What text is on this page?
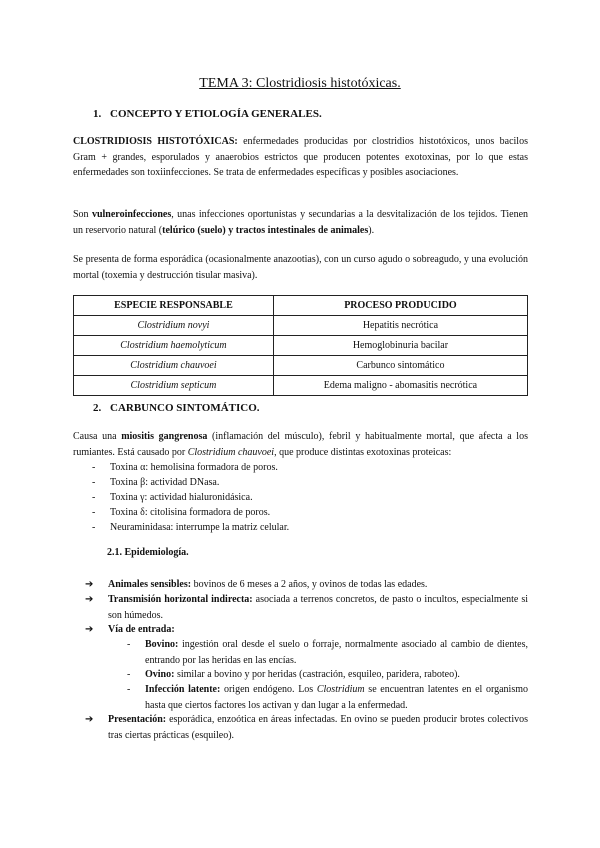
TEMA 3: Clostridiosis histotóxicas.
1. CONCEPTO Y ETIOLOGÍA GENERALES.
CLOSTRIDIOSIS HISTOTÓXICAS: enfermedades producidas por clostridios histotóxicos, unos bacilos Gram + grandes, esporulados y anaerobios estrictos que producen potentes exotoxinas, por lo que estas enfermedades son toxiinfecciones. Se trata de enfermedades específicas y posibles asociaciones.
Son vulneroinfecciones, unas infecciones oportunistas y secundarias a la desvitalización de los tejidos. Tienen un reservorio natural (telúrico (suelo) y tractos intestinales de animales).
Se presenta de forma esporádica (ocasionalmente anazootias), con un curso agudo o sobreagudo, y una evolución mortal (toxemia y destrucción tisular masiva).
ESPECIE RESPONSABLE	PROCESO PRODUCIDO
Clostridium novyi	Hepatitis necrótica
Clostridium haemolyticum	Hemoglobinuria bacilar
Clostridium chauvoei	Carbunco sintomático
Clostridium septicum	Edema maligno - abomasitis necrótica
2. CARBUNCO SINTOMÁTICO.
Causa una miositis gangrenosa (inflamación del músculo), febril y habitualmente mortal, que afecta a los rumiantes. Está causado por Clostridium chauvoei, que produce distintas exotoxinas proteicas:
- Toxina α: hemolisina formadora de poros.
- Toxina β: actividad DNasa.
- Toxina γ: actividad hialuronidásica.
- Toxina δ: citolisina formadora de poros.
- Neuraminidasa: interrumpe la matriz celular.
2.1. Epidemiología.
➔ Animales sensibles: bovinos de 6 meses a 2 años, y ovinos de todas las edades.
➔ Transmisión horizontal indirecta: asociada a terrenos concretos, de pasto o incultos, especialmente si son húmedos.
➔ Vía de entrada:
- Bovino: ingestión oral desde el suelo o forraje, normalmente asociado al cambio de dientes, entrando por las heridas en las encías.
- Ovino: similar a bovino y por heridas (castración, esquileo, paridera, raboteo).
- Infección latente: origen endógeno. Los Clostridium se encuentran latentes en el organismo hasta que ciertos factores los activan y dan lugar a la enfermedad.
➔ Presentación: esporádica, enzoótica en áreas infectadas. En ovino se pueden producir brotes colectivos tras ciertas prácticas (esquileo).
